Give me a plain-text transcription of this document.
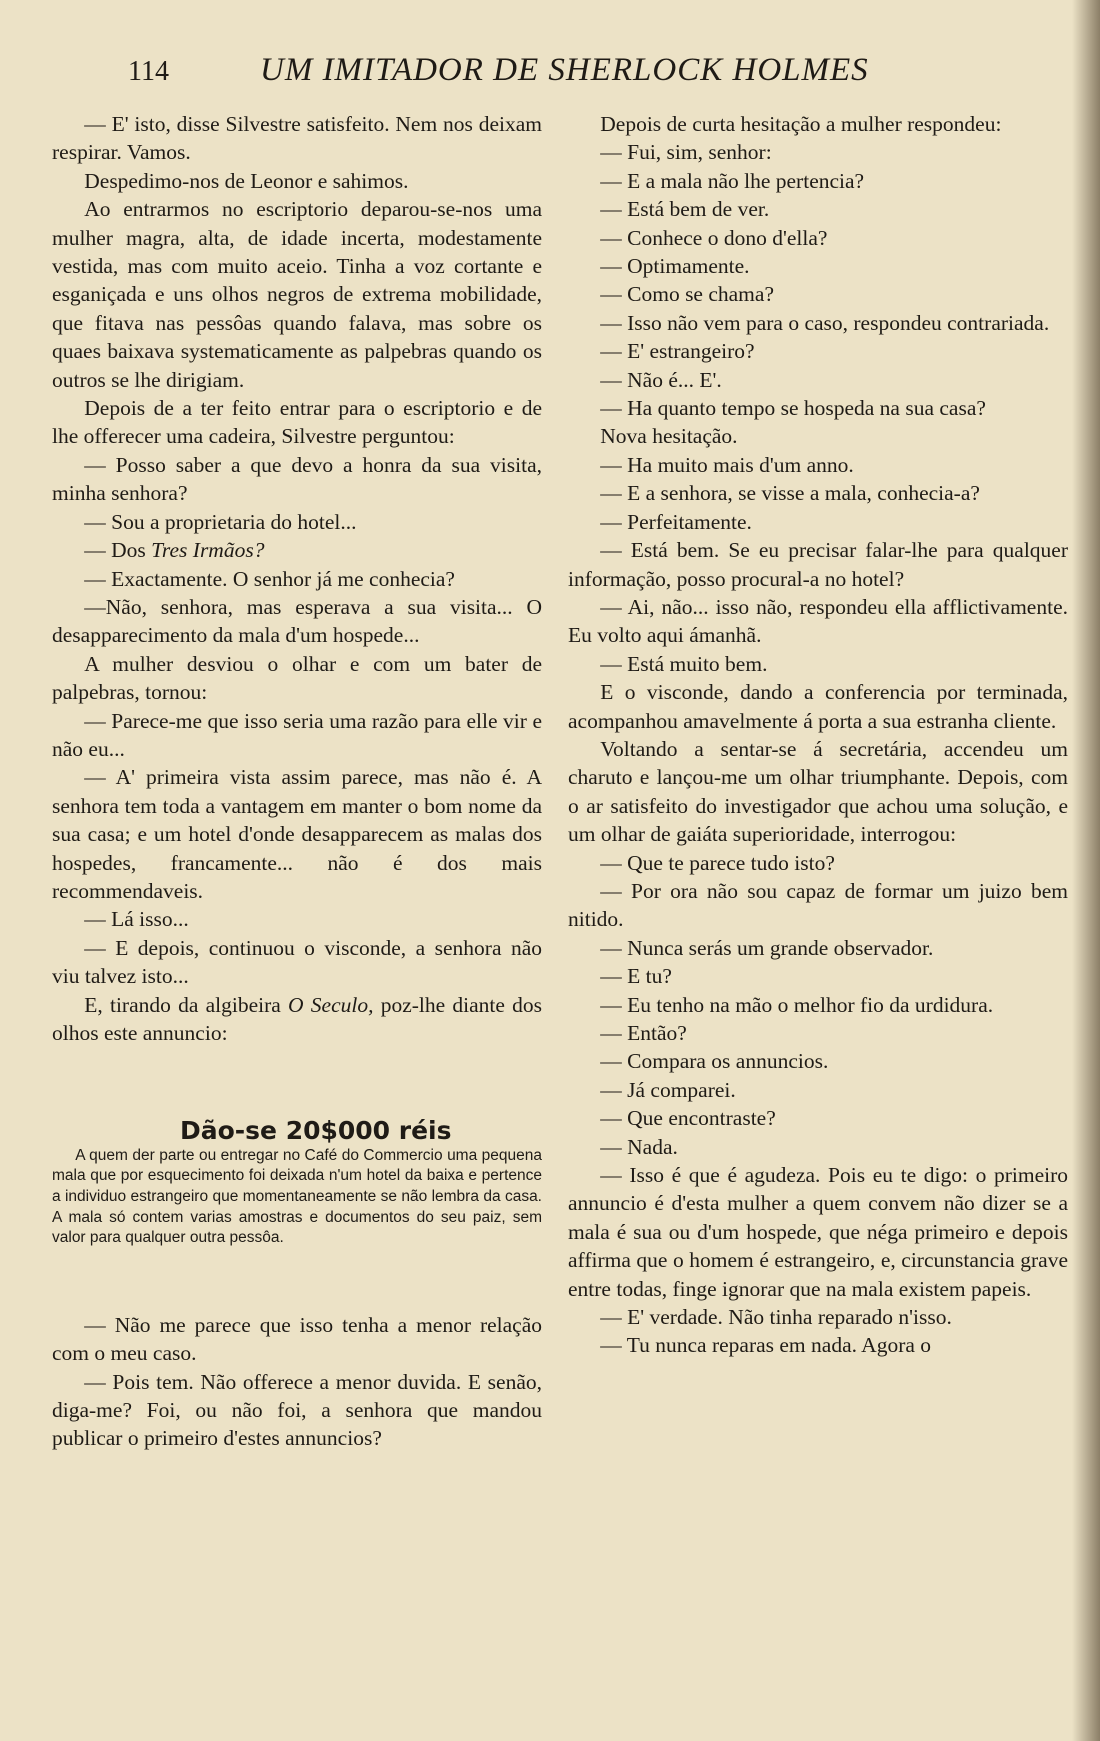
114	UM IMITADOR DE SHERLOCK HOLMES

— E' isto, disse Silvestre satisfeito. Nem nos deixam respirar. Vamos.

Despedimo-nos de Leonor e sahimos.

Ao entrarmos no escriptorio deparou-se-nos uma mulher magra, alta, de idade incerta, modestamente vestida, mas com muito aceio. Tinha a voz cortante e esganiçada e uns olhos negros de extrema mobilidade, que fitava nas pessôas quando falava, mas sobre os quaes baixava systematicamente as palpebras quando os outros se lhe dirigiam.

Depois de a ter feito entrar para o escriptorio e de lhe offerecer uma cadeira, Silvestre perguntou:

— Posso saber a que devo a honra da sua visita, minha senhora?

— Sou a proprietaria do hotel...

— Dos Tres Irmãos?

— Exactamente. O senhor já me conhecia?

—Não, senhora, mas esperava a sua visita... O desapparecimento da mala d'um hospede...

A mulher desviou o olhar e com um bater de palpebras, tornou:

— Parece-me que isso seria uma razão para elle vir e não eu...

— A' primeira vista assim parece, mas não é. A senhora tem toda a vantagem em manter o bom nome da sua casa; e um hotel d'onde desapparecem as malas dos hospedes, francamente... não é dos mais recommendaveis.

— Lá isso...

— E depois, continuou o visconde, a senhora não viu talvez isto...

E, tirando da algibeira O Seculo, poz-lhe diante dos olhos este annuncio:

Dão-se 20$000 réis

A quem der parte ou entregar no Café do Commercio uma pequena mala que por esquecimento foi deixada n'um hotel da baixa e pertence a individuo estrangeiro que momentaneamente se não lembra da casa. A mala só contem varias amostras e documentos do seu paiz, sem valor para qualquer outra pessôa.

— Não me parece que isso tenha a menor relação com o meu caso.

— Pois tem. Não offerece a menor duvida. E senão, diga-me? Foi, ou não foi, a senhora que mandou publicar o primeiro d'estes annuncios?

Depois de curta hesitação a mulher respondeu:

— Fui, sim, senhor:

— E a mala não lhe pertencia?

— Está bem de ver.

— Conhece o dono d'ella?

— Optimamente.

— Como se chama?

— Isso não vem para o caso, respondeu contrariada.

— E' estrangeiro?

— Não é... E'.

— Ha quanto tempo se hospeda na sua casa?

Nova hesitação.

— Ha muito mais d'um anno.

— E a senhora, se visse a mala, conhecia-a?

— Perfeitamente.

— Está bem. Se eu precisar falar-lhe para qualquer informação, posso procural-a no hotel?

— Ai, não... isso não, respondeu ella afflictivamente. Eu volto aqui ámanhã.

— Está muito bem.

E o visconde, dando a conferencia por terminada, acompanhou amavelmente á porta a sua estranha cliente.

Voltando a sentar-se á secretária, accendeu um charuto e lançou-me um olhar triumphante. Depois, com o ar satisfeito do investigador que achou uma solução, e um olhar de gaiáta superioridade, interrogou:

— Que te parece tudo isto?

— Por ora não sou capaz de formar um juizo bem nitido.

— Nunca serás um grande observador.

— E tu?

— Eu tenho na mão o melhor fio da urdidura.

— Então?

— Compara os annuncios.

— Já comparei.

— Que encontraste?

— Nada.

— Isso é que é agudeza. Pois eu te digo: o primeiro annuncio é d'esta mulher a quem convem não dizer se a mala é sua ou d'um hospede, que néga primeiro e depois affirma que o homem é estrangeiro, e, circunstancia grave entre todas, finge ignorar que na mala existem papeis.

— E' verdade. Não tinha reparado n'isso.

— Tu nunca reparas em nada. Agora o
